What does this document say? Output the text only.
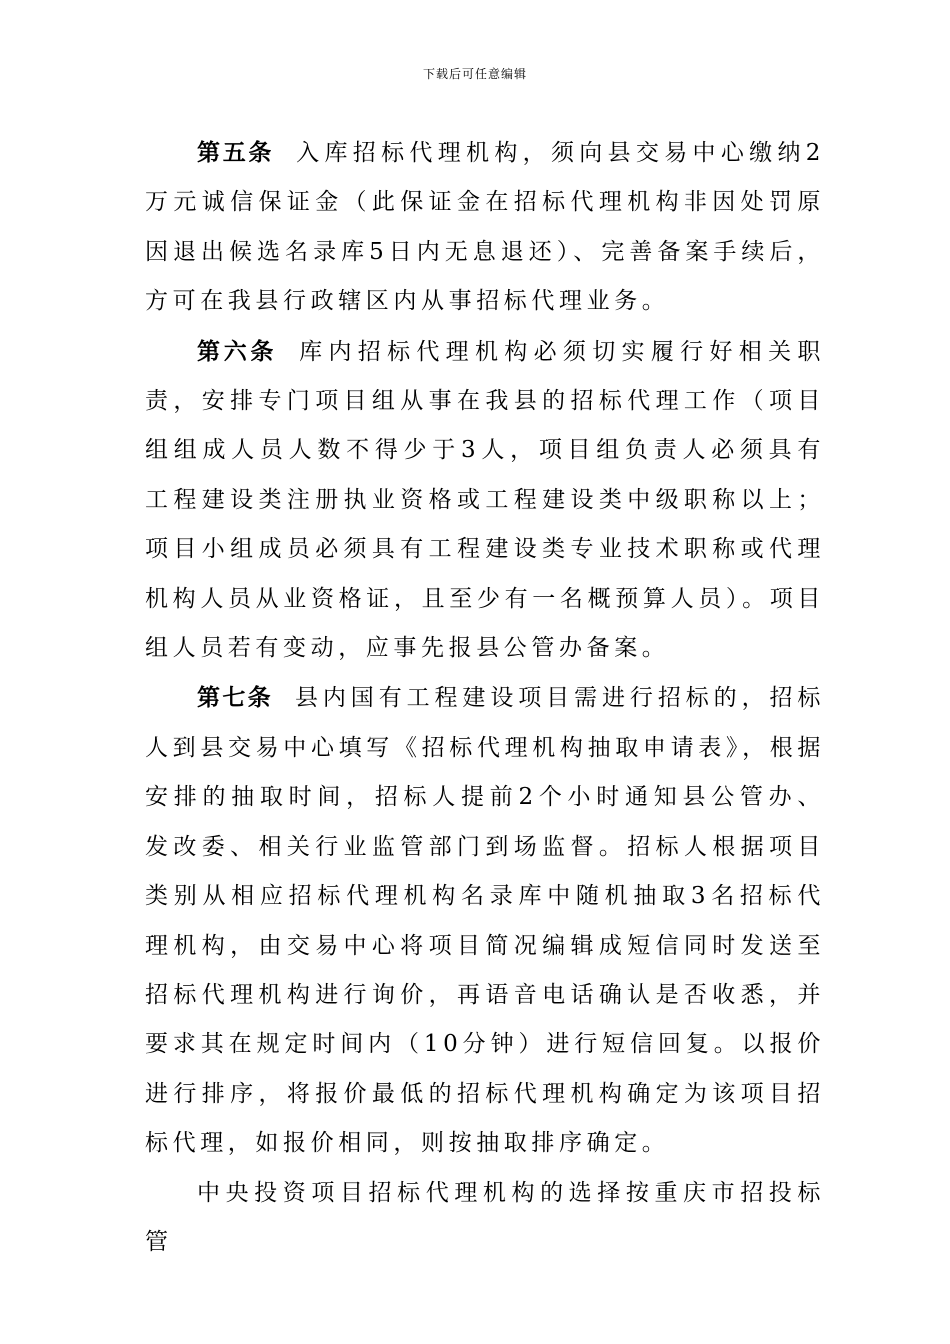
下载后可任意编辑

第五条 入库招标代理机构，须向县交易中心缴纳2万元诚信保证金（此保证金在招标代理机构非因处罚原因退出候选名录库5日内无息退还）、完善备案手续后，方可在我县行政辖区内从事招标代理业务。

第六条 库内招标代理机构必须切实履行好相关职责，安排专门项目组从事在我县的招标代理工作（项目组组成人员人数不得少于3人，项目组负责人必须具有工程建设类注册执业资格或工程建设类中级职称以上；项目小组成员必须具有工程建设类专业技术职称或代理机构人员从业资格证，且至少有一名概预算人员）。项目组人员若有变动，应事先报县公管办备案。

第七条 县内国有工程建设项目需进行招标的，招标人到县交易中心填写《招标代理机构抽取申请表》，根据安排的抽取时间，招标人提前2个小时通知县公管办、发改委、相关行业监管部门到场监督。招标人根据项目类别从相应招标代理机构名录库中随机抽取3名招标代理机构，由交易中心将项目简况编辑成短信同时发送至招标代理机构进行询价，再语音电话确认是否收悉，并要求其在规定时间内（10分钟）进行短信回复。以报价进行排序，将报价最低的招标代理机构确定为该项目招标代理，如报价相同，则按抽取排序确定。

中央投资项目招标代理机构的选择按重庆市招投标管
